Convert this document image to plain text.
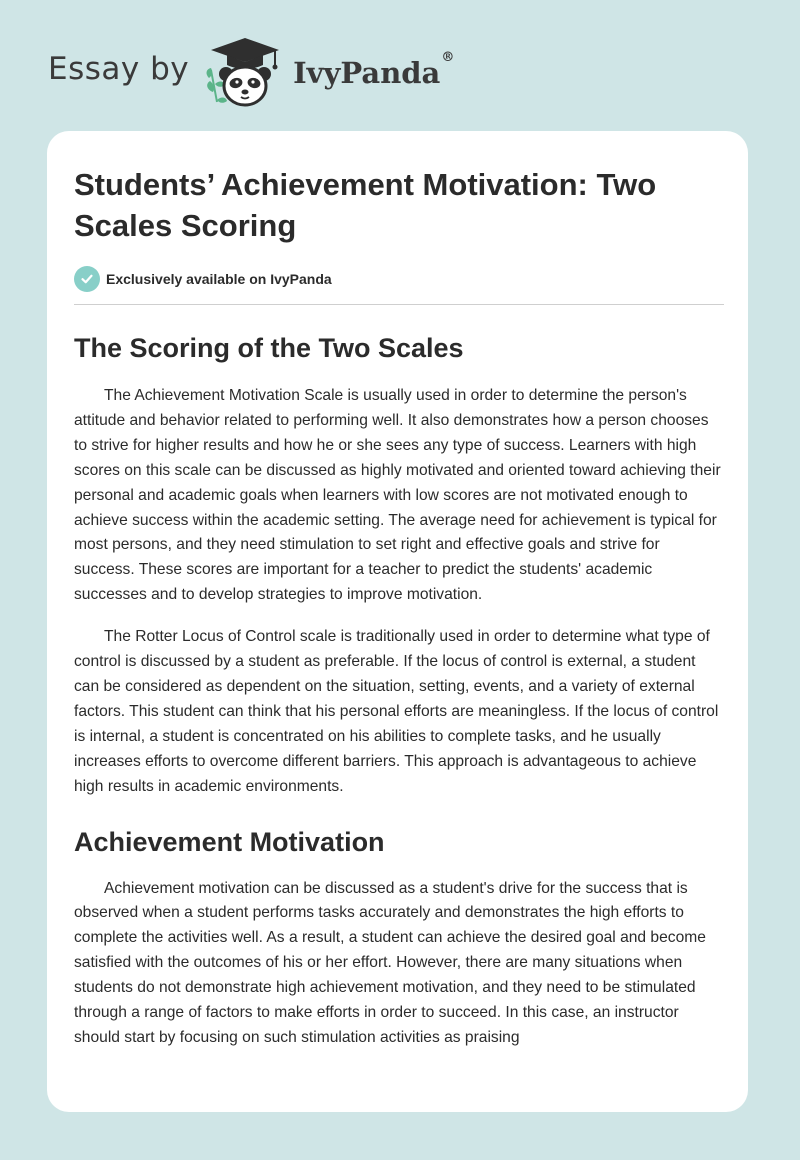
Essay by	IvyPanda®
Students’ Achievement Motivation: Two Scales Scoring
Exclusively available on IvyPanda
The Scoring of the Two Scales

The Achievement Motivation Scale is usually used in order to determine the person's attitude and behavior related to performing well. It also demonstrates how a person chooses to strive for higher results and how he or she sees any type of success. Learners with high scores on this scale can be discussed as highly motivated and oriented toward achieving their personal and academic goals when learners with low scores are not motivated enough to achieve success within the academic setting. The average need for achievement is typical for most persons, and they need stimulation to set right and effective goals and strive for success. These scores are important for a teacher to predict the students' academic successes and to develop strategies to improve motivation.

The Rotter Locus of Control scale is traditionally used in order to determine what type of control is discussed by a student as preferable. If the locus of control is external, a student can be considered as dependent on the situation, setting, events, and a variety of external factors. This student can think that his personal efforts are meaningless. If the locus of control is internal, a student is concentrated on his abilities to complete tasks, and he usually increases efforts to overcome different barriers. This approach is advantageous to achieve high results in academic environments.

Achievement Motivation

Achievement motivation can be discussed as a student's drive for the success that is observed when a student performs tasks accurately and demonstrates the high efforts to complete the activities well. As a result, a student can achieve the desired goal and become satisfied with the outcomes of his or her effort. However, there are many situations when students do not demonstrate high achievement motivation, and they need to be stimulated through a range of factors to make efforts in order to succeed. In this case, an instructor should start by focusing on such stimulation activities as praising
